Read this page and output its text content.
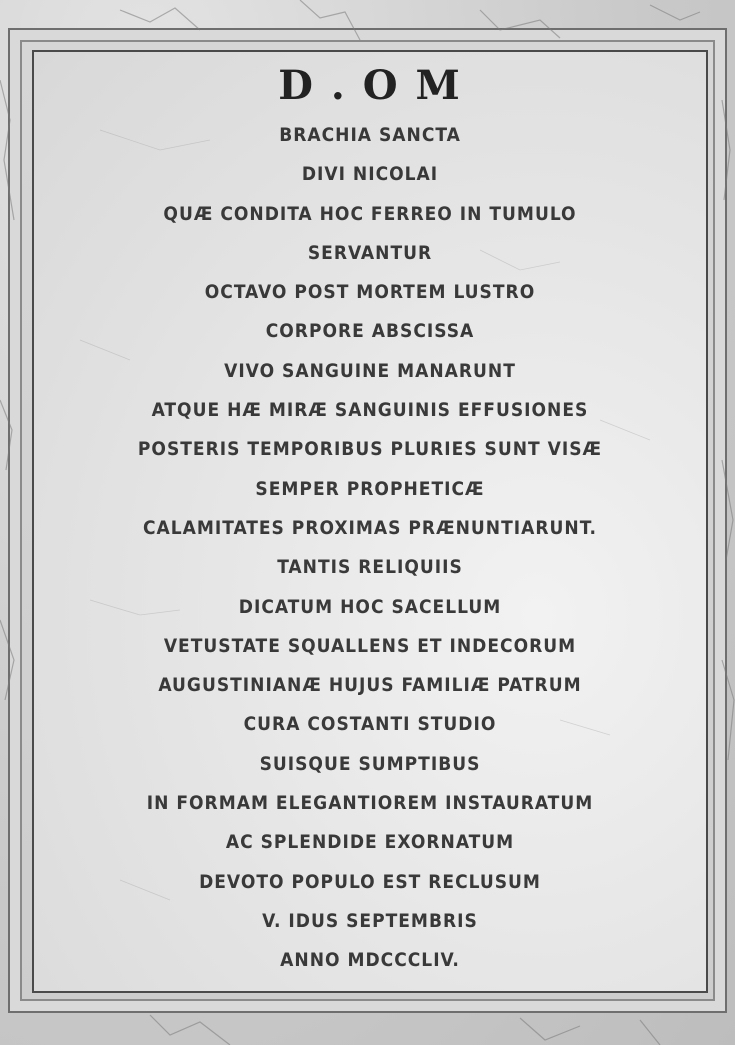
D . O M
BRACHIA SANCTA
DIVI NICOLAI
QUÆ CONDITA HOC FERREO IN TUMULO
SERVANTUR
OCTAVO POST MORTEM LUSTRO
CORPORE ABSCISSA
VIVO SANGUINE MANARUNT
ATQUE HÆ MIRÆ SANGUINIS EFFUSIONES
POSTERIS TEMPORIBUS PLURIES SUNT VISÆ
SEMPER PROPHETICÆ
CALAMITATES PROXIMAS PRÆNUNTIARUNT.
TANTIS RELIQUIIS
DICATUM HOC SACELLUM
VETUSTATE SQUALLENS ET INDECORUM
AUGUSTINIANÆ HUJUS FAMILIÆ PATRUM
CURA COSTANTI STUDIO
SUISQUE SUMPTIBUS
IN FORMAM ELEGANTIOREM INSTAURATUM
AC SPLENDIDE EXORNATUM
DEVOTO POPULO EST RECLUSUM
V. IDUS SEPTEMBRIS
ANNO MDCCCLIV.
